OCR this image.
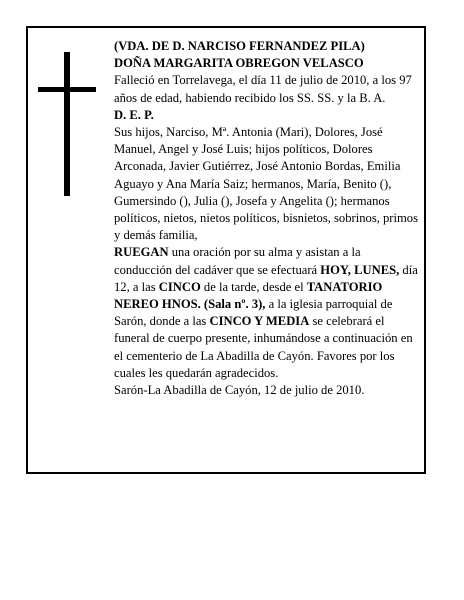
(VDA. DE D. NARCISO FERNANDEZ PILA)

DOÑA MARGARITA OBREGON VELASCO

Falleció en Torrelavega, el día 11 de julio de 2010, a los 97 años de edad, habiendo recibido los SS. SS. y la B. A.

D. E. P.

Sus hijos, Narciso, Mª. Antonia (Mari), Dolores, José Manuel, Angel y José Luis; hijos políticos, Dolores Arconada, Javier Gutiérrez, José Antonio Bordas, Emilia Aguayo y Ana María Saiz; hermanos, María, Benito (), Gumersindo (), Julia (), Josefa y Angelita (); hermanos políticos, nietos, nietos políticos, bisnietos, sobrinos, primos y demás familia,

RUEGAN una oración por su alma y asistan a la conducción del cadáver que se efectuará HOY, LUNES, día 12, a las CINCO de la tarde, desde el TANATORIO NEREO HNOS. (Sala nº. 3), a la iglesia parroquial de Sarón, donde a las CINCO Y MEDIA se celebrará el funeral de cuerpo presente, inhumándose a continuación en el cementerio de La Abadilla de Cayón. Favores por los cuales les quedarán agradecidos.

Sarón-La Abadilla de Cayón, 12 de julio de 2010.
